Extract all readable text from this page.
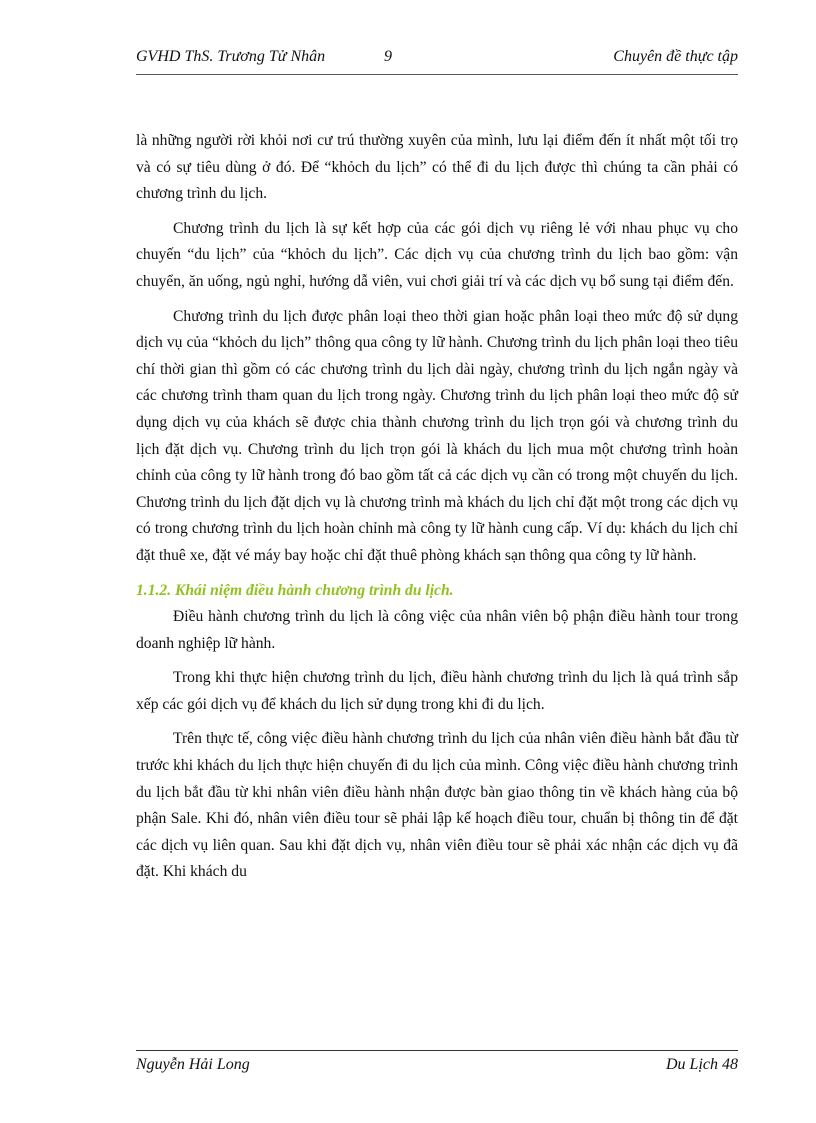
GVHD ThS. Trương Tử Nhân	9	Chuyên đề thực tập

là những người rời khỏi nơi cư trú thường xuyên của mình, lưu lại điểm đến ít nhất một tối trọ và có sự tiêu dùng ở đó. Để “khỏch du lịch” có thể đi du lịch được thì chúng ta cần phải có chương trình du lịch.

Chương trình du lịch là sự kết hợp của các gói dịch vụ riêng lẻ với nhau phục vụ cho chuyến “du lịch” của “khỏch du lịch”. Các dịch vụ của chương trình du lịch bao gồm: vận chuyển, ăn uống, ngủ nghỉ, hướng dẫ viên, vui chơi giải trí và các dịch vụ bổ sung tại điểm đến.

Chương trình du lịch được phân loại theo thời gian hoặc phân loại theo mức độ sử dụng dịch vụ của “khỏch du lịch” thông qua công ty lữ hành. Chương trình du lịch phân loại theo tiêu chí thời gian thì gồm có các chương trình du lịch dài ngày, chương trình du lịch ngắn ngày và các chương trình tham quan du lịch trong ngày. Chương trình du lịch phân loại theo mức độ sử dụng dịch vụ của khách sẽ được chia thành chương trình du lịch trọn gói và chương trình du lịch đặt dịch vụ. Chương trình du lịch trọn gói là khách du lịch mua một chương trình hoàn chỉnh của công ty lữ hành trong đó bao gồm tất cả các dịch vụ cần có trong một chuyến du lịch. Chương trình du lịch đặt dịch vụ là chương trình mà khách du lịch chỉ đặt một trong các dịch vụ có trong chương trình du lịch hoàn chỉnh mà công ty lữ hành cung cấp. Ví dụ: khách du lịch chỉ đặt thuê xe, đặt vé máy bay hoặc chỉ đặt thuê phòng khách sạn thông qua công ty lữ hành.

1.1.2. Khái niệm điều hành chương trình du lịch.

Điều hành chương trình du lịch là công việc của nhân viên bộ phận điều hành tour trong doanh nghiệp lữ hành.

Trong khi thực hiện chương trình du lịch, điều hành chương trình du lịch là quá trình sắp xếp các gói dịch vụ để khách du lịch sử dụng trong khi đi du lịch.

Trên thực tế, công việc điều hành chương trình du lịch của nhân viên điều hành bắt đầu từ trước khi khách du lịch thực hiện chuyến đi du lịch của mình. Công việc điều hành chương trình du lịch bắt đầu từ khi nhân viên điều hành nhận được bàn giao thông tin về khách hàng của bộ phận Sale. Khi đó, nhân viên điều tour sẽ phải lập kế hoạch điều tour, chuẩn bị thông tin để đặt các dịch vụ liên quan. Sau khi đặt dịch vụ, nhân viên điều tour sẽ phải xác nhận các dịch vụ đã đặt. Khi khách du

Nguyễn Hải Long	Du Lịch 48
